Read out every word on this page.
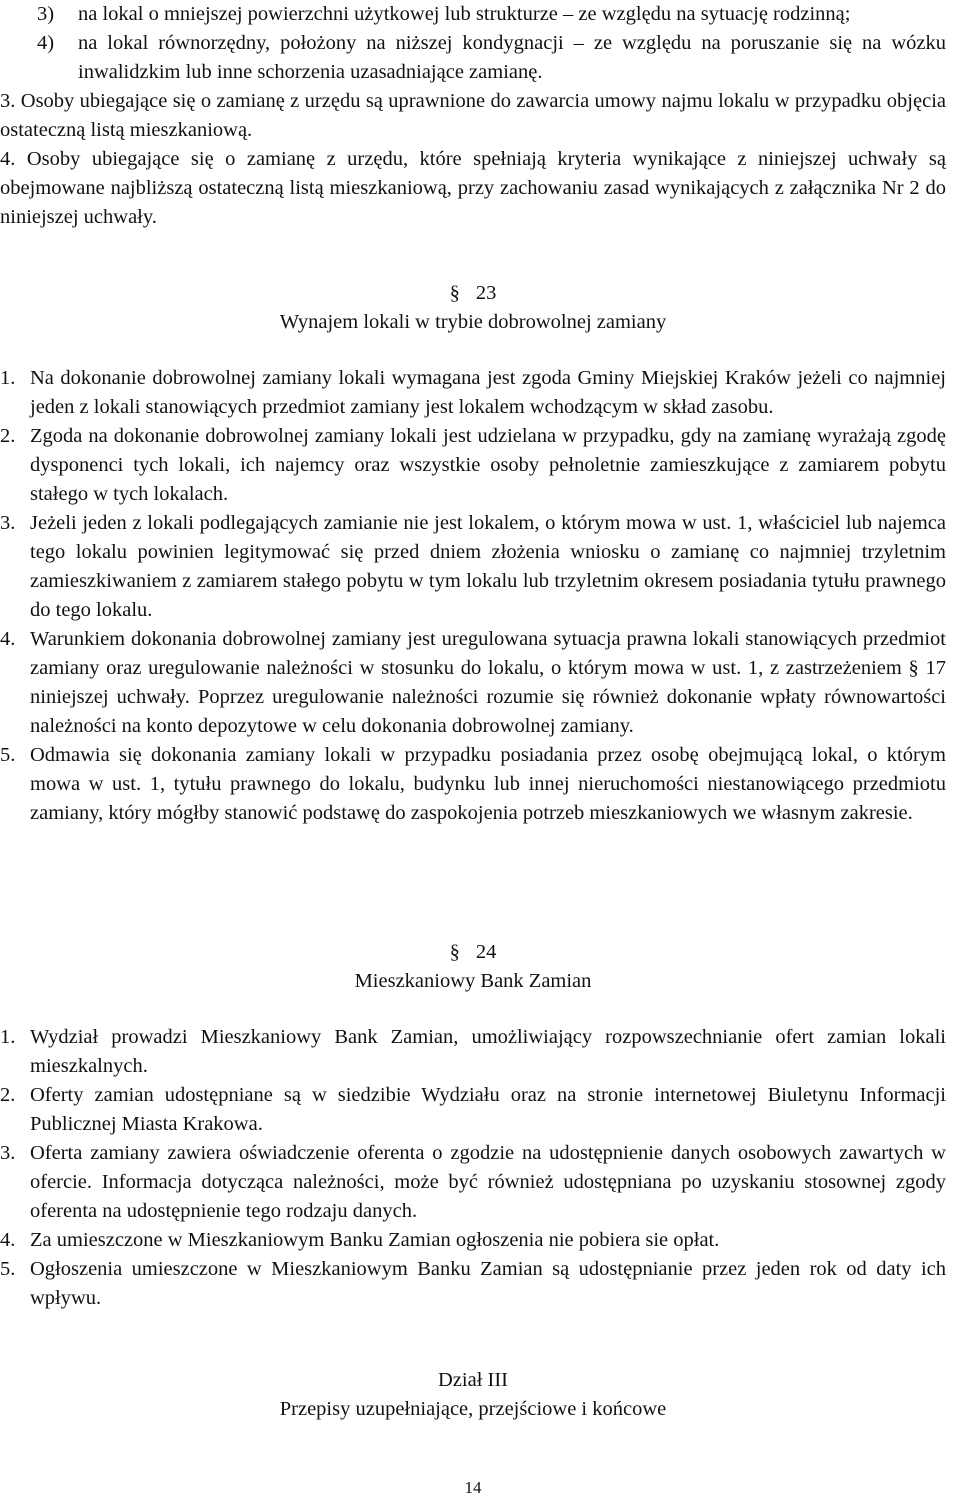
3) na lokal o mniejszej powierzchni użytkowej lub strukturze – ze względu na sytuację rodzinną;
4) na lokal równorzędny, położony na niższej kondygnacji – ze względu na poruszanie się na wózku inwalidzkim lub inne schorzenia uzasadniające zamianę.
3. Osoby ubiegające się o zamianę z urzędu są uprawnione do zawarcia umowy najmu lokalu w przypadku objęcia ostateczną listą mieszkaniową.
4. Osoby ubiegające się o zamianę z urzędu, które spełniają kryteria wynikające z niniejszej uchwały są obejmowane najbliższą ostateczną listą mieszkaniową, przy zachowaniu zasad wynikających z załącznika Nr 2 do niniejszej uchwały.

§ 23

Wynajem lokali w trybie dobrowolnej zamiany

1. Na dokonanie dobrowolnej zamiany lokali wymagana jest zgoda Gminy Miejskiej Kraków jeżeli co najmniej jeden z lokali stanowiących przedmiot zamiany jest lokalem wchodzącym w skład zasobu.
2. Zgoda na dokonanie dobrowolnej zamiany lokali jest udzielana w przypadku, gdy na zamianę wyrażają zgodę dysponenci tych lokali, ich najemcy oraz wszystkie osoby pełnoletnie zamieszkujące z zamiarem pobytu stałego w tych lokalach.
3. Jeżeli jeden z lokali podlegających zamianie nie jest lokalem, o którym mowa w ust. 1, właściciel lub najemca tego lokalu powinien legitymować się przed dniem złożenia wniosku o zamianę co najmniej trzyletnim zamieszkiwaniem z zamiarem stałego pobytu w tym lokalu lub trzyletnim okresem posiadania tytułu prawnego do tego lokalu.
4. Warunkiem dokonania dobrowolnej zamiany jest uregulowana sytuacja prawna lokali stanowiących przedmiot zamiany oraz uregulowanie należności w stosunku do lokalu, o którym mowa w ust. 1, z zastrzeżeniem § 17 niniejszej uchwały. Poprzez uregulowanie należności rozumie się również dokonanie wpłaty równowartości należności na konto depozytowe w celu dokonania dobrowolnej zamiany.
5. Odmawia się dokonania zamiany lokali w przypadku posiadania przez osobę obejmującą lokal, o którym mowa w ust. 1, tytułu prawnego do lokalu, budynku lub innej nieruchomości niestanowiącego przedmiotu zamiany, który mógłby stanowić podstawę do zaspokojenia potrzeb mieszkaniowych we własnym zakresie.

§ 24

Mieszkaniowy Bank Zamian

1. Wydział prowadzi Mieszkaniowy Bank Zamian, umożliwiający rozpowszechnianie ofert zamian lokali mieszkalnych.
2. Oferty zamian udostępniane są w siedzibie Wydziału oraz na stronie internetowej Biuletynu Informacji Publicznej Miasta Krakowa.
3. Oferta zamiany zawiera oświadczenie oferenta o zgodzie na udostępnienie danych osobowych zawartych w ofercie. Informacja dotycząca należności, może być również udostępniana po uzyskaniu stosownej zgody oferenta na udostępnienie tego rodzaju danych.
4. Za umieszczone w Mieszkaniowym Banku Zamian ogłoszenia nie pobiera sie opłat.
5. Ogłoszenia umieszczone w Mieszkaniowym Banku Zamian są udostępnianie przez jeden rok od daty ich wpływu.

Dział III

Przepisy uzupełniające, przejściowe i końcowe

14
